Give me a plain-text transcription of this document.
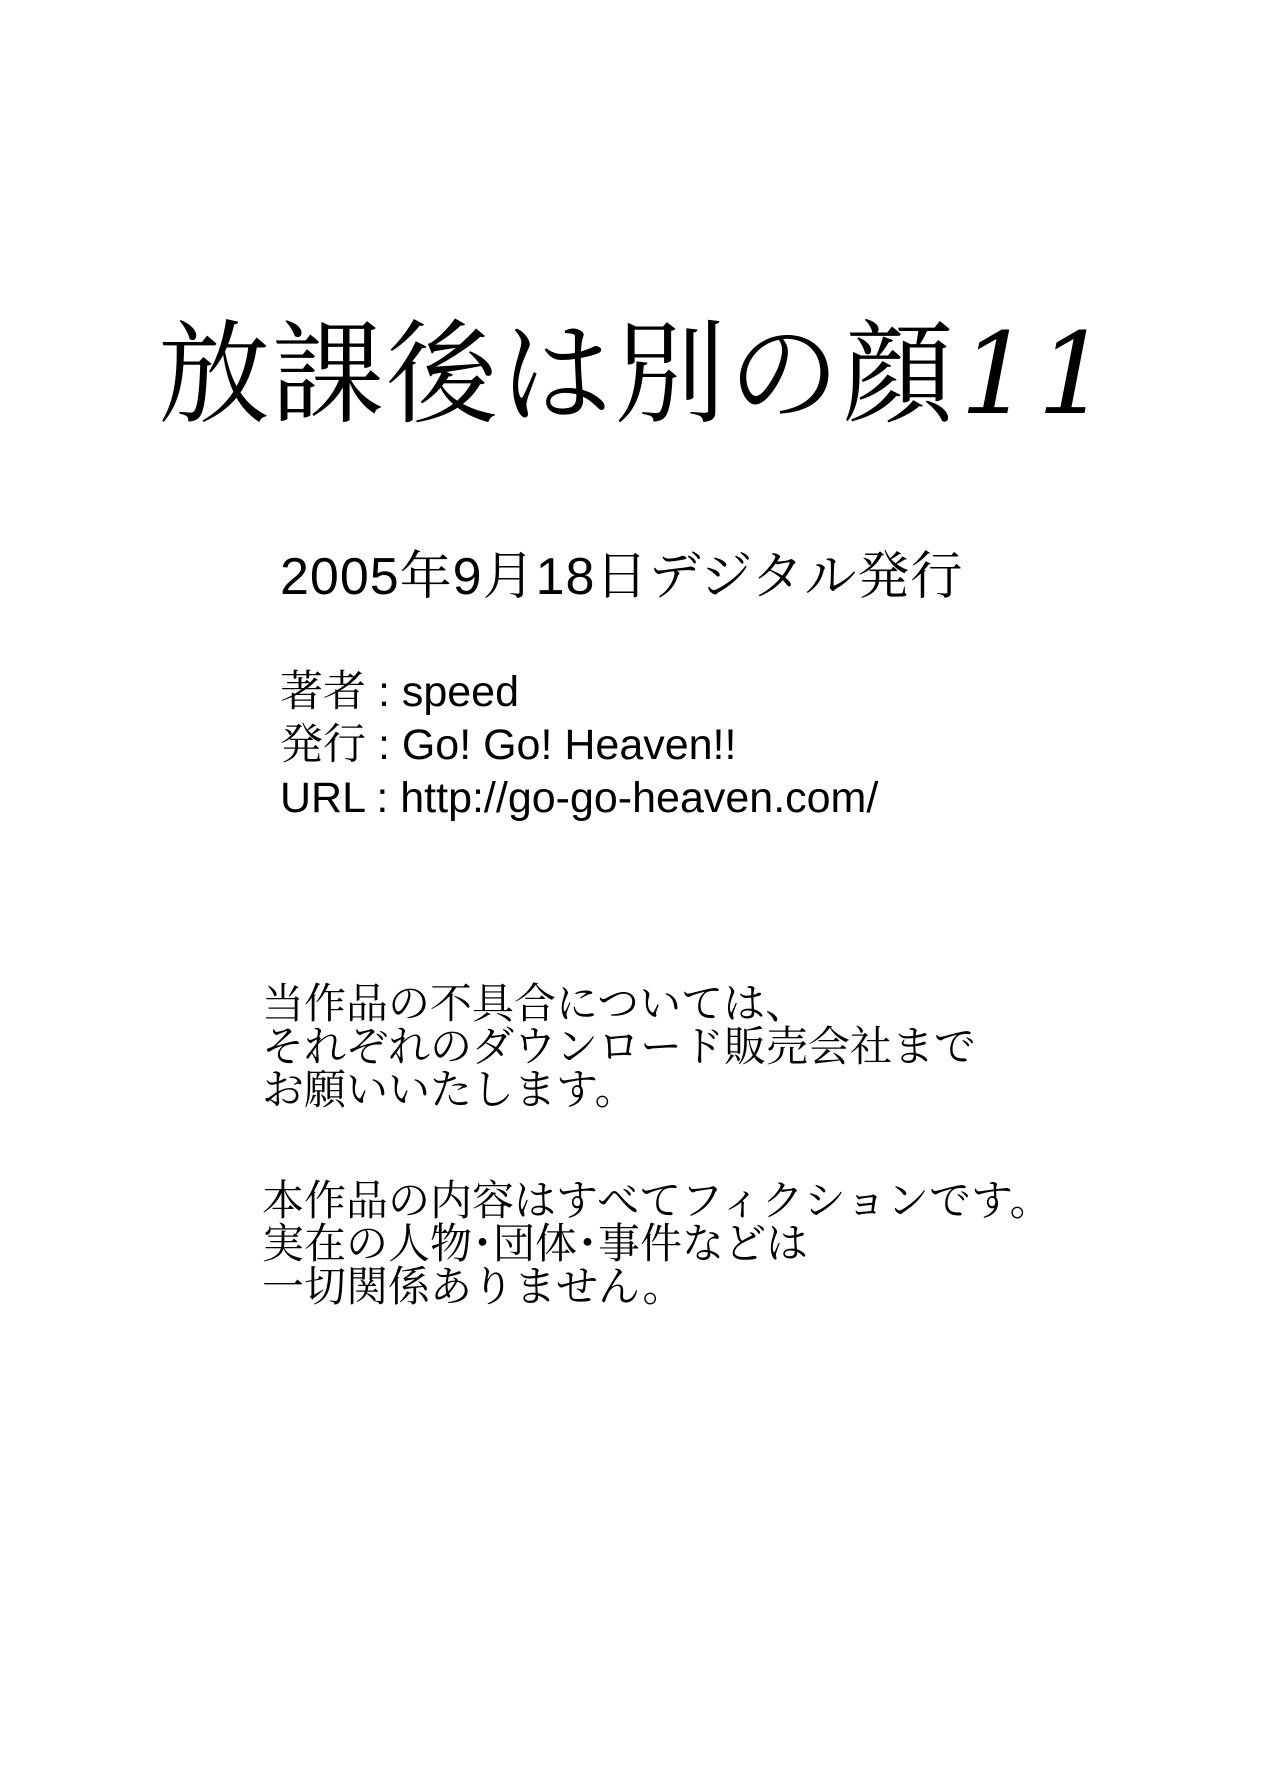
放課後は別の顔11
2005年9月18日デジタル発行
著者 : speed
発行 : Go! Go! Heaven!!
URL : http://go-go-heaven.com/
当作品の不具合については、
それぞれのダウンロード販売会社まで
お願いいたします。
本作品の内容はすべてフィクションです。
実在の人物･団体･事件などは
一切関係ありません。
